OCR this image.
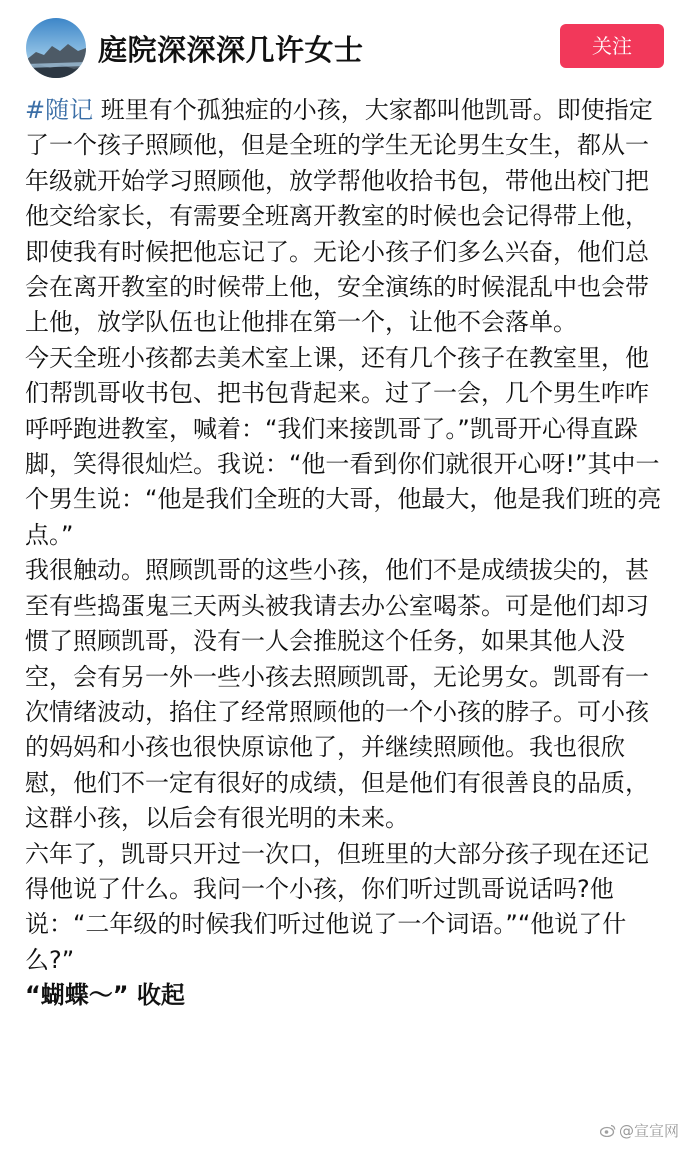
庭院深深深几许女士	关注

#随记 班里有个孤独症的小孩，大家都叫他凯哥。即使指定了一个孩子照顾他，但是全班的学生无论男生女生，都从一年级就开始学习照顾他，放学帮他收拾书包，带他出校门把他交给家长，有需要全班离开教室的时候也会记得带上他，即使我有时候把他忘记了。无论小孩子们多么兴奋，他们总会在离开教室的时候带上他，安全演练的时候混乱中也会带上他，放学队伍也让他排在第一个，让他不会落单。

今天全班小孩都去美术室上课，还有几个孩子在教室里，他们帮凯哥收书包、把书包背起来。过了一会，几个男生咋咋呼呼跑进教室，喊着：“我们来接凯哥了。”凯哥开心得直跺脚，笑得很灿烂。我说：“他一看到你们就很开心呀!”其中一个男生说：“他是我们全班的大哥，他最大，他是我们班的亮点。”

我很触动。照顾凯哥的这些小孩，他们不是成绩拔尖的，甚至有些捣蛋鬼三天两头被我请去办公室喝茶。可是他们却习惯了照顾凯哥，没有一人会推脱这个任务，如果其他人没空，会有另一外一些小孩去照顾凯哥，无论男女。凯哥有一次情绪波动，掐住了经常照顾他的一个小孩的脖子。可小孩的妈妈和小孩也很快原谅他了，并继续照顾他。我也很欣慰，他们不一定有很好的成绩，但是他们有很善良的品质，这群小孩，以后会有很光明的未来。

六年了，凯哥只开过一次口，但班里的大部分孩子现在还记得他说了什么。我问一个小孩，你们听过凯哥说话吗?他说：“二年级的时候我们听过他说了一个词语。”“他说了什么?”

“蝴蝶～” 收起

@宣宣网
